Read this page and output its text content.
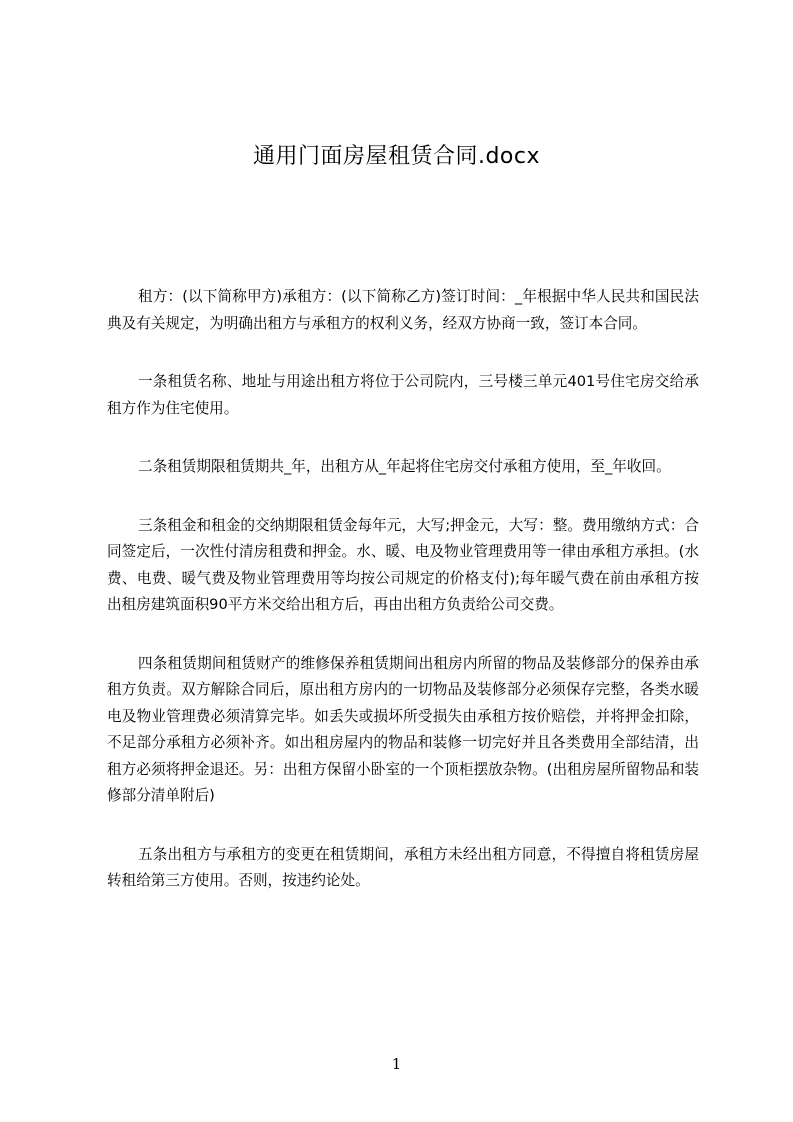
通用门面房屋租赁合同.docx

租方：(以下简称甲方)承租方：(以下简称乙方)签订时间：_年根据中华人民共和国民法典及有关规定，为明确出租方与承租方的权利义务，经双方协商一致，签订本合同。

一条租赁名称、地址与用途出租方将位于公司院内，三号楼三单元401号住宅房交给承租方作为住宅使用。

二条租赁期限租赁期共_年，出租方从_年起将住宅房交付承租方使用，至_年收回。

三条租金和租金的交纳期限租赁金每年元，大写;押金元，大写：整。费用缴纳方式：合同签定后，一次性付清房租费和押金。水、暖、电及物业管理费用等一律由承租方承担。(水费、电费、暖气费及物业管理费用等均按公司规定的价格支付);每年暖气费在前由承租方按出租房建筑面积90平方米交给出租方后，再由出租方负责给公司交费。

四条租赁期间租赁财产的维修保养租赁期间出租房内所留的物品及装修部分的保养由承租方负责。双方解除合同后，原出租方房内的一切物品及装修部分必须保存完整，各类水暖电及物业管理费必须清算完毕。如丢失或损坏所受损失由承租方按价赔偿，并将押金扣除，不足部分承租方必须补齐。如出租房屋内的物品和装修一切完好并且各类费用全部结清，出租方必须将押金退还。另：出租方保留小卧室的一个顶柜摆放杂物。(出租房屋所留物品和装修部分清单附后)

五条出租方与承租方的变更在租赁期间，承租方未经出租方同意，不得擅自将租赁房屋转租给第三方使用。否则，按违约论处。

1
